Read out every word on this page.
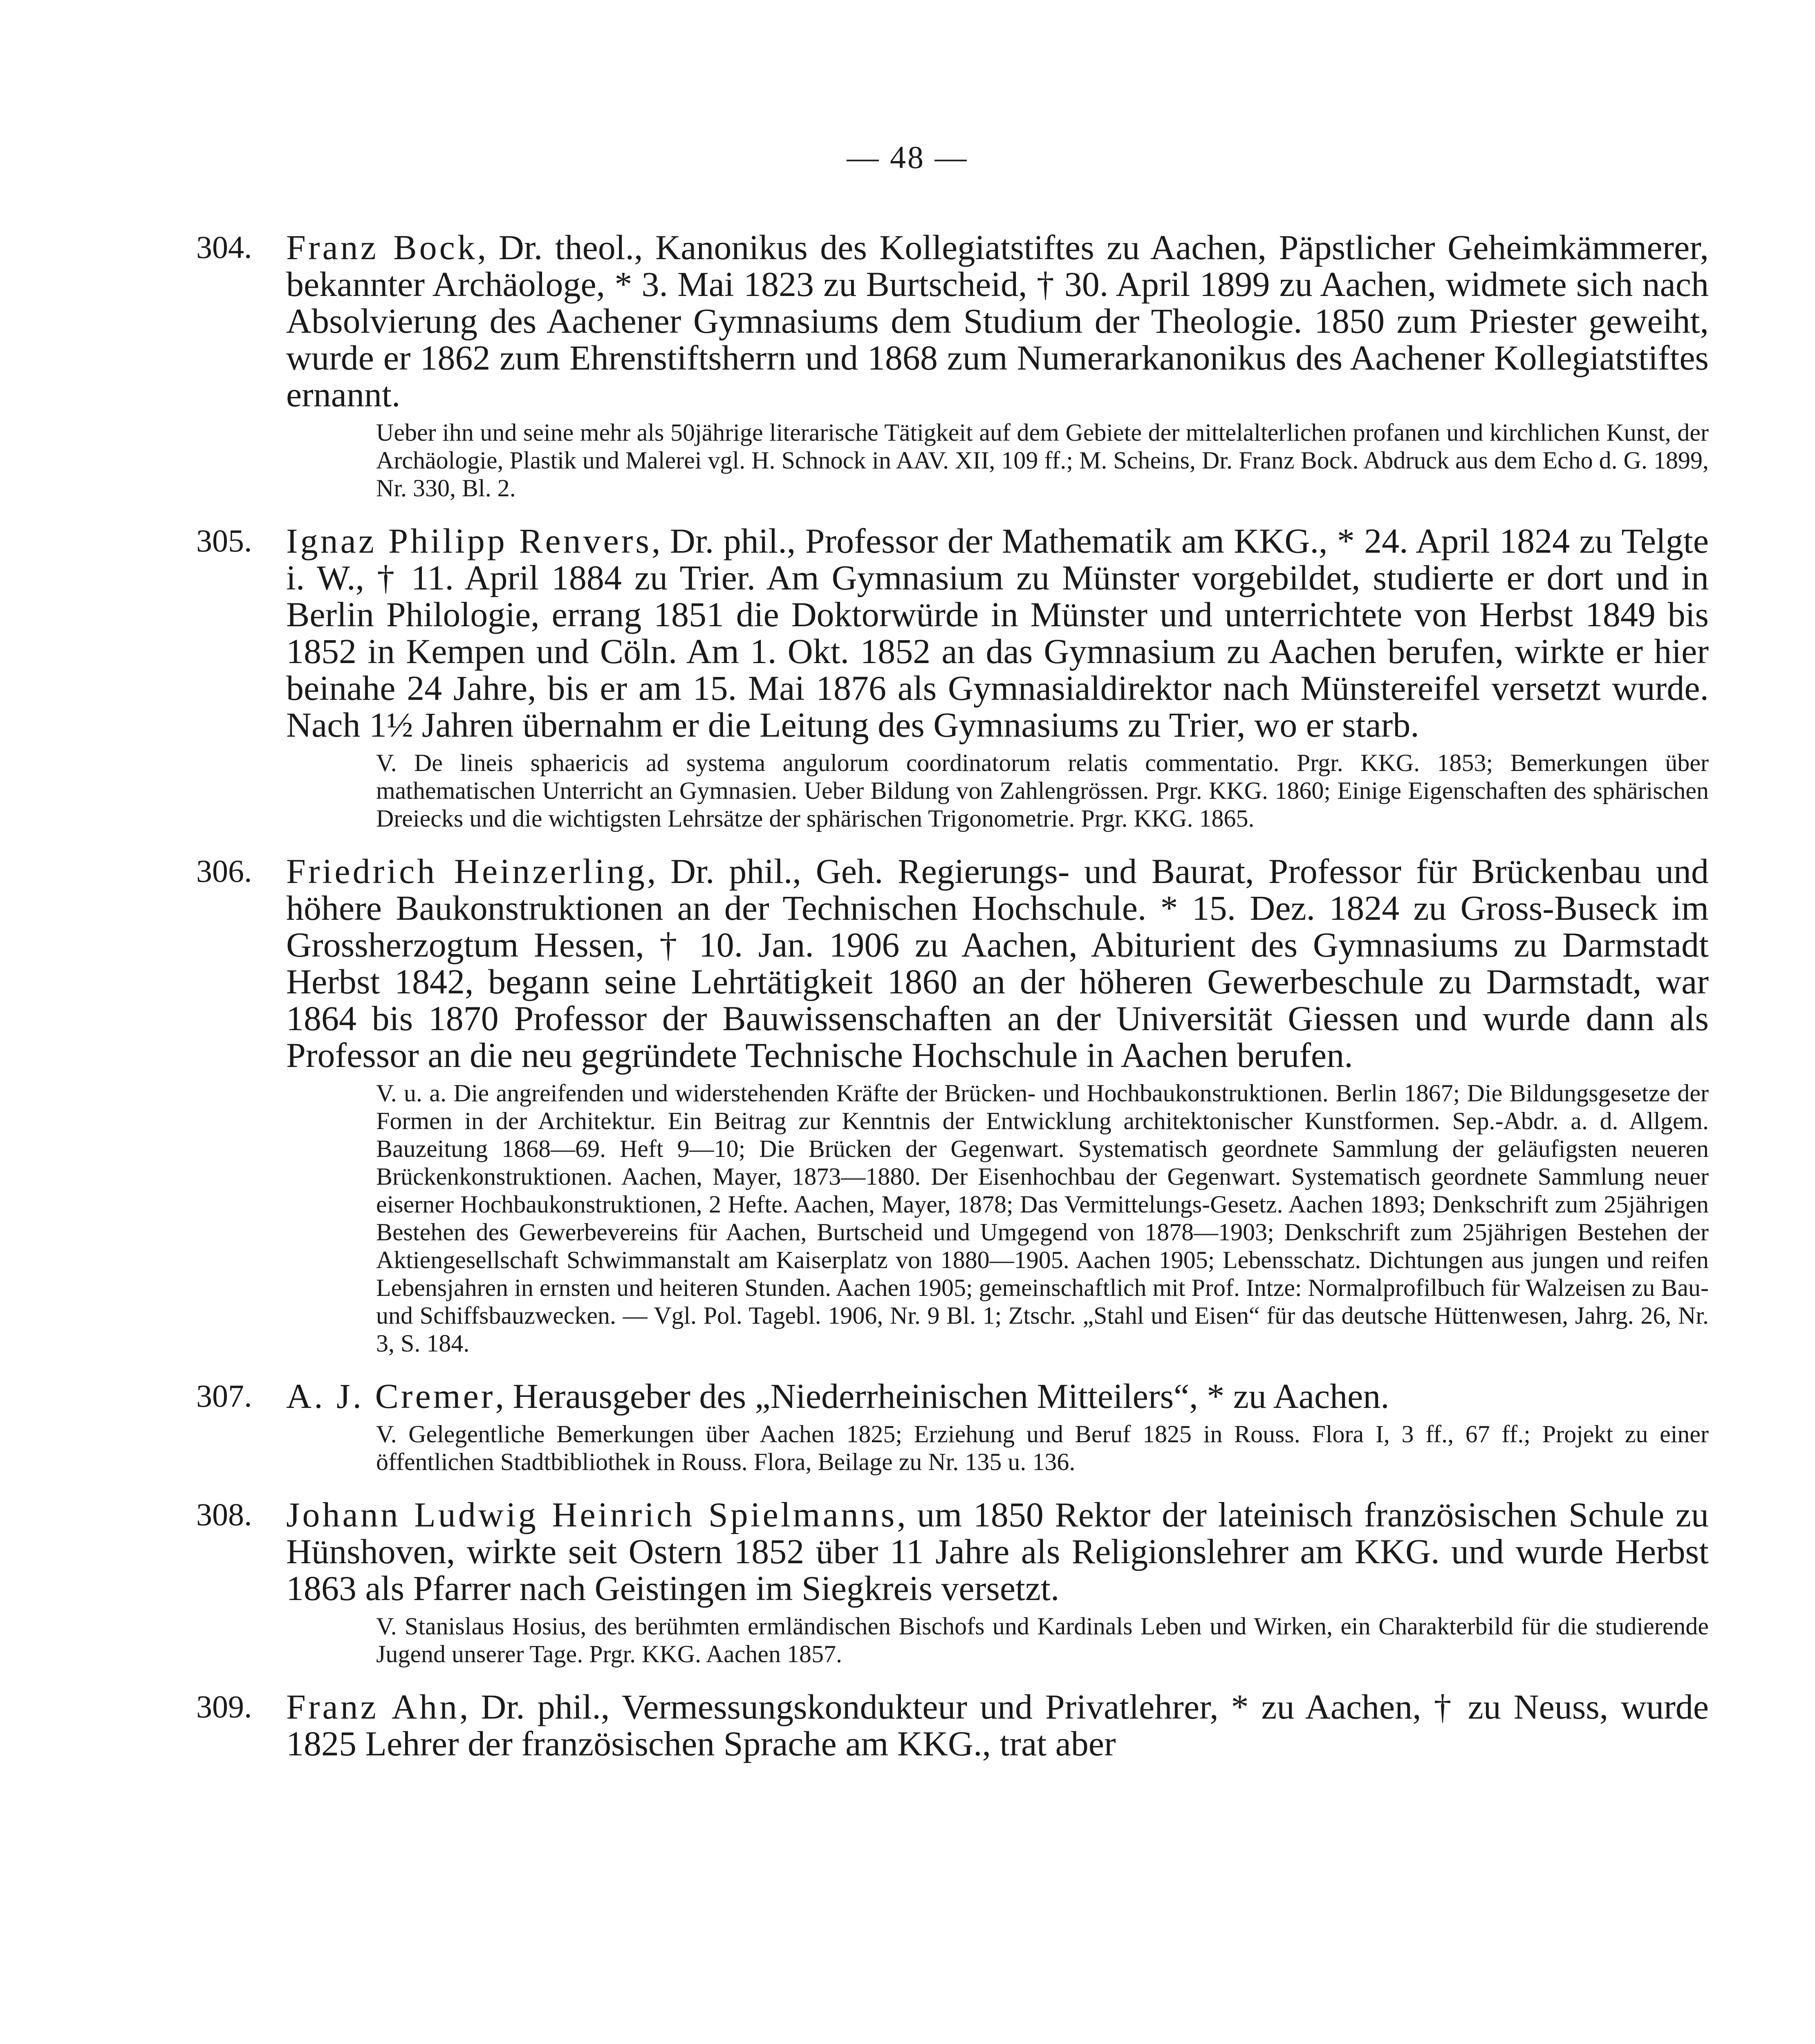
— 48 —
304. Franz Bock, Dr. theol., Kanonikus des Kollegiatstiftes zu Aachen, Päpstlicher Geheimkämmerer, bekannter Archäologe, * 3. Mai 1823 zu Burtscheid, † 30. April 1899 zu Aachen, widmete sich nach Absolvierung des Aachener Gymnasiums dem Studium der Theologie. 1850 zum Priester geweiht, wurde er 1862 zum Ehrenstiftsherrn und 1868 zum Numerarkanonikus des Aachener Kollegiatstiftes ernannt.
Ueber ihn und seine mehr als 50jährige literarische Tätigkeit auf dem Gebiete der mittelalterlichen profanen und kirchlichen Kunst, der Archäologie, Plastik und Malerei vgl. H. Schnock in AAV. XII, 109 ff.; M. Scheins, Dr. Franz Bock. Abdruck aus dem Echo d. G. 1899, Nr. 330, Bl. 2.
305. Ignaz Philipp Renvers, Dr. phil., Professor der Mathematik am KKG., * 24. April 1824 zu Telgte i. W., † 11. April 1884 zu Trier. Am Gymnasium zu Münster vorgebildet, studierte er dort und in Berlin Philologie, errang 1851 die Doktorwürde in Münster und unterrichtete von Herbst 1849 bis 1852 in Kempen und Cöln. Am 1. Okt. 1852 an das Gymnasium zu Aachen berufen, wirkte er hier beinahe 24 Jahre, bis er am 15. Mai 1876 als Gymnasialdirektor nach Münstereifel versetzt wurde. Nach 1½ Jahren übernahm er die Leitung des Gymnasiums zu Trier, wo er starb.
V. De lineis sphaericis ad systema angulorum coordinatorum relatis commentatio. Prgr. KKG. 1853; Bemerkungen über mathematischen Unterricht an Gymnasien. Ueber Bildung von Zahlengrössen. Prgr. KKG. 1860; Einige Eigenschaften des sphärischen Dreiecks und die wichtigsten Lehrsätze der sphärischen Trigonometrie. Prgr. KKG. 1865.
306. Friedrich Heinzerling, Dr. phil., Geh. Regierungs- und Baurat, Professor für Brückenbau und höhere Baukonstruktionen an der Technischen Hochschule. * 15. Dez. 1824 zu Gross-Buseck im Grossherzogtum Hessen, † 10. Jan. 1906 zu Aachen, Abiturient des Gymnasiums zu Darmstadt Herbst 1842, begann seine Lehrtätigkeit 1860 an der höheren Gewerbeschule zu Darmstadt, war 1864 bis 1870 Professor der Bauwissenschaften an der Universität Giessen und wurde dann als Professor an die neu gegründete Technische Hochschule in Aachen berufen.
V. u. a. Die angreifenden und widerstehenden Kräfte der Brücken- und Hochbaukonstruktionen. Berlin 1867; Die Bildungsgesetze der Formen in der Architektur. Ein Beitrag zur Kenntnis der Entwicklung architektonischer Kunstformen. Sep.-Abdr. a. d. Allgem. Bauzeitung 1868—69. Heft 9—10; Die Brücken der Gegenwart. Systematisch geordnete Sammlung der geläufigsten neueren Brückenkonstruktionen. Aachen, Mayer, 1873—1880. Der Eisenhochbau der Gegenwart. Systematisch geordnete Sammlung neuer eiserner Hochbaukonstruktionen, 2 Hefte. Aachen, Mayer, 1878; Das Vermittelungs-Gesetz. Aachen 1893; Denkschrift zum 25jährigen Bestehen des Gewerbevereins für Aachen, Burtscheid und Umgegend von 1878—1903; Denkschrift zum 25jährigen Bestehen der Aktiengesellschaft Schwimmanstalt am Kaiserplatz von 1880—1905. Aachen 1905; Lebensschatz. Dichtungen aus jungen und reifen Lebensjahren in ernsten und heiteren Stunden. Aachen 1905; gemeinschaftlich mit Prof. Intze: Normalprofilbuch für Walzeisen zu Bau- und Schiffsbauzwecken. — Vgl. Pol. Tagebl. 1906, Nr. 9 Bl. 1; Ztschr. „Stahl und Eisen“ für das deutsche Hüttenwesen, Jahrg. 26, Nr. 3, S. 184.
307. A. J. Cremer, Herausgeber des „Niederrheinischen Mitteilers“, * zu Aachen.
V. Gelegentliche Bemerkungen über Aachen 1825; Erziehung und Beruf 1825 in Rouss. Flora I, 3 ff., 67 ff.; Projekt zu einer öffentlichen Stadtbibliothek in Rouss. Flora, Beilage zu Nr. 135 u. 136.
308. Johann Ludwig Heinrich Spielmanns, um 1850 Rektor der lateinisch französischen Schule zu Hünshoven, wirkte seit Ostern 1852 über 11 Jahre als Religionslehrer am KKG. und wurde Herbst 1863 als Pfarrer nach Geistingen im Siegkreis versetzt.
V. Stanislaus Hosius, des berühmten ermländischen Bischofs und Kardinals Leben und Wirken, ein Charakterbild für die studierende Jugend unserer Tage. Prgr. KKG. Aachen 1857.
309. Franz Ahn, Dr. phil., Vermessungskondukteur und Privatlehrer, * zu Aachen, † zu Neuss, wurde 1825 Lehrer der französischen Sprache am KKG., trat aber
